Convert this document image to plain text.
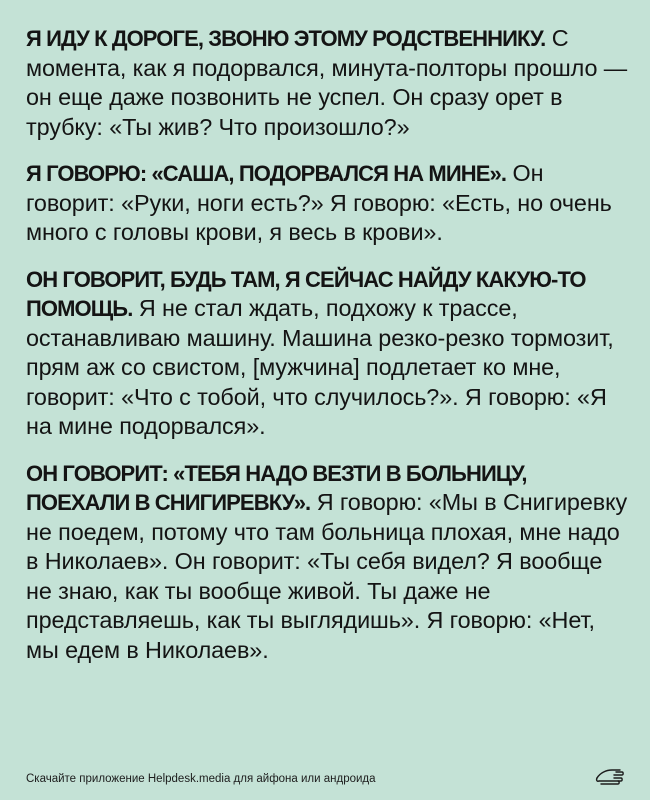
Я ИДУ К ДОРОГЕ, ЗВОНЮ ЭТОМУ РОДСТВЕННИКУ. С момента, как я подорвался, минута-полторы прошло — он еще даже позвонить не успел. Он сразу орет в трубку: «Ты жив? Что произошло?»

Я ГОВОРЮ: «САША, ПОДОРВАЛСЯ НА МИНЕ». Он говорит: «Руки, ноги есть?» Я говорю: «Есть, но очень много с головы крови, я весь в крови».

ОН ГОВОРИТ, БУДЬ ТАМ, Я СЕЙЧАС НАЙДУ КАКУЮ-ТО ПОМОЩЬ. Я не стал ждать, подхожу к трассе, останавливаю машину. Машина резко-резко тормозит, прям аж со свистом, [мужчина] подлетает ко мне, говорит: «Что с тобой, что случилось?». Я говорю: «Я на мине подорвался».

ОН ГОВОРИТ: «ТЕБЯ НАДО ВЕЗТИ В БОЛЬНИЦУ, ПОЕХАЛИ В СНИГИРЕВКУ». Я говорю: «Мы в Снигиревку не поедем, потому что там больница плохая, мне надо в Николаев». Он говорит: «Ты себя видел? Я вообще не знаю, как ты вообще живой. Ты даже не представляешь, как ты выглядишь». Я говорю: «Нет, мы едем в Николаев».

Скачайте приложение Helpdesk.media для айфона или андроида
